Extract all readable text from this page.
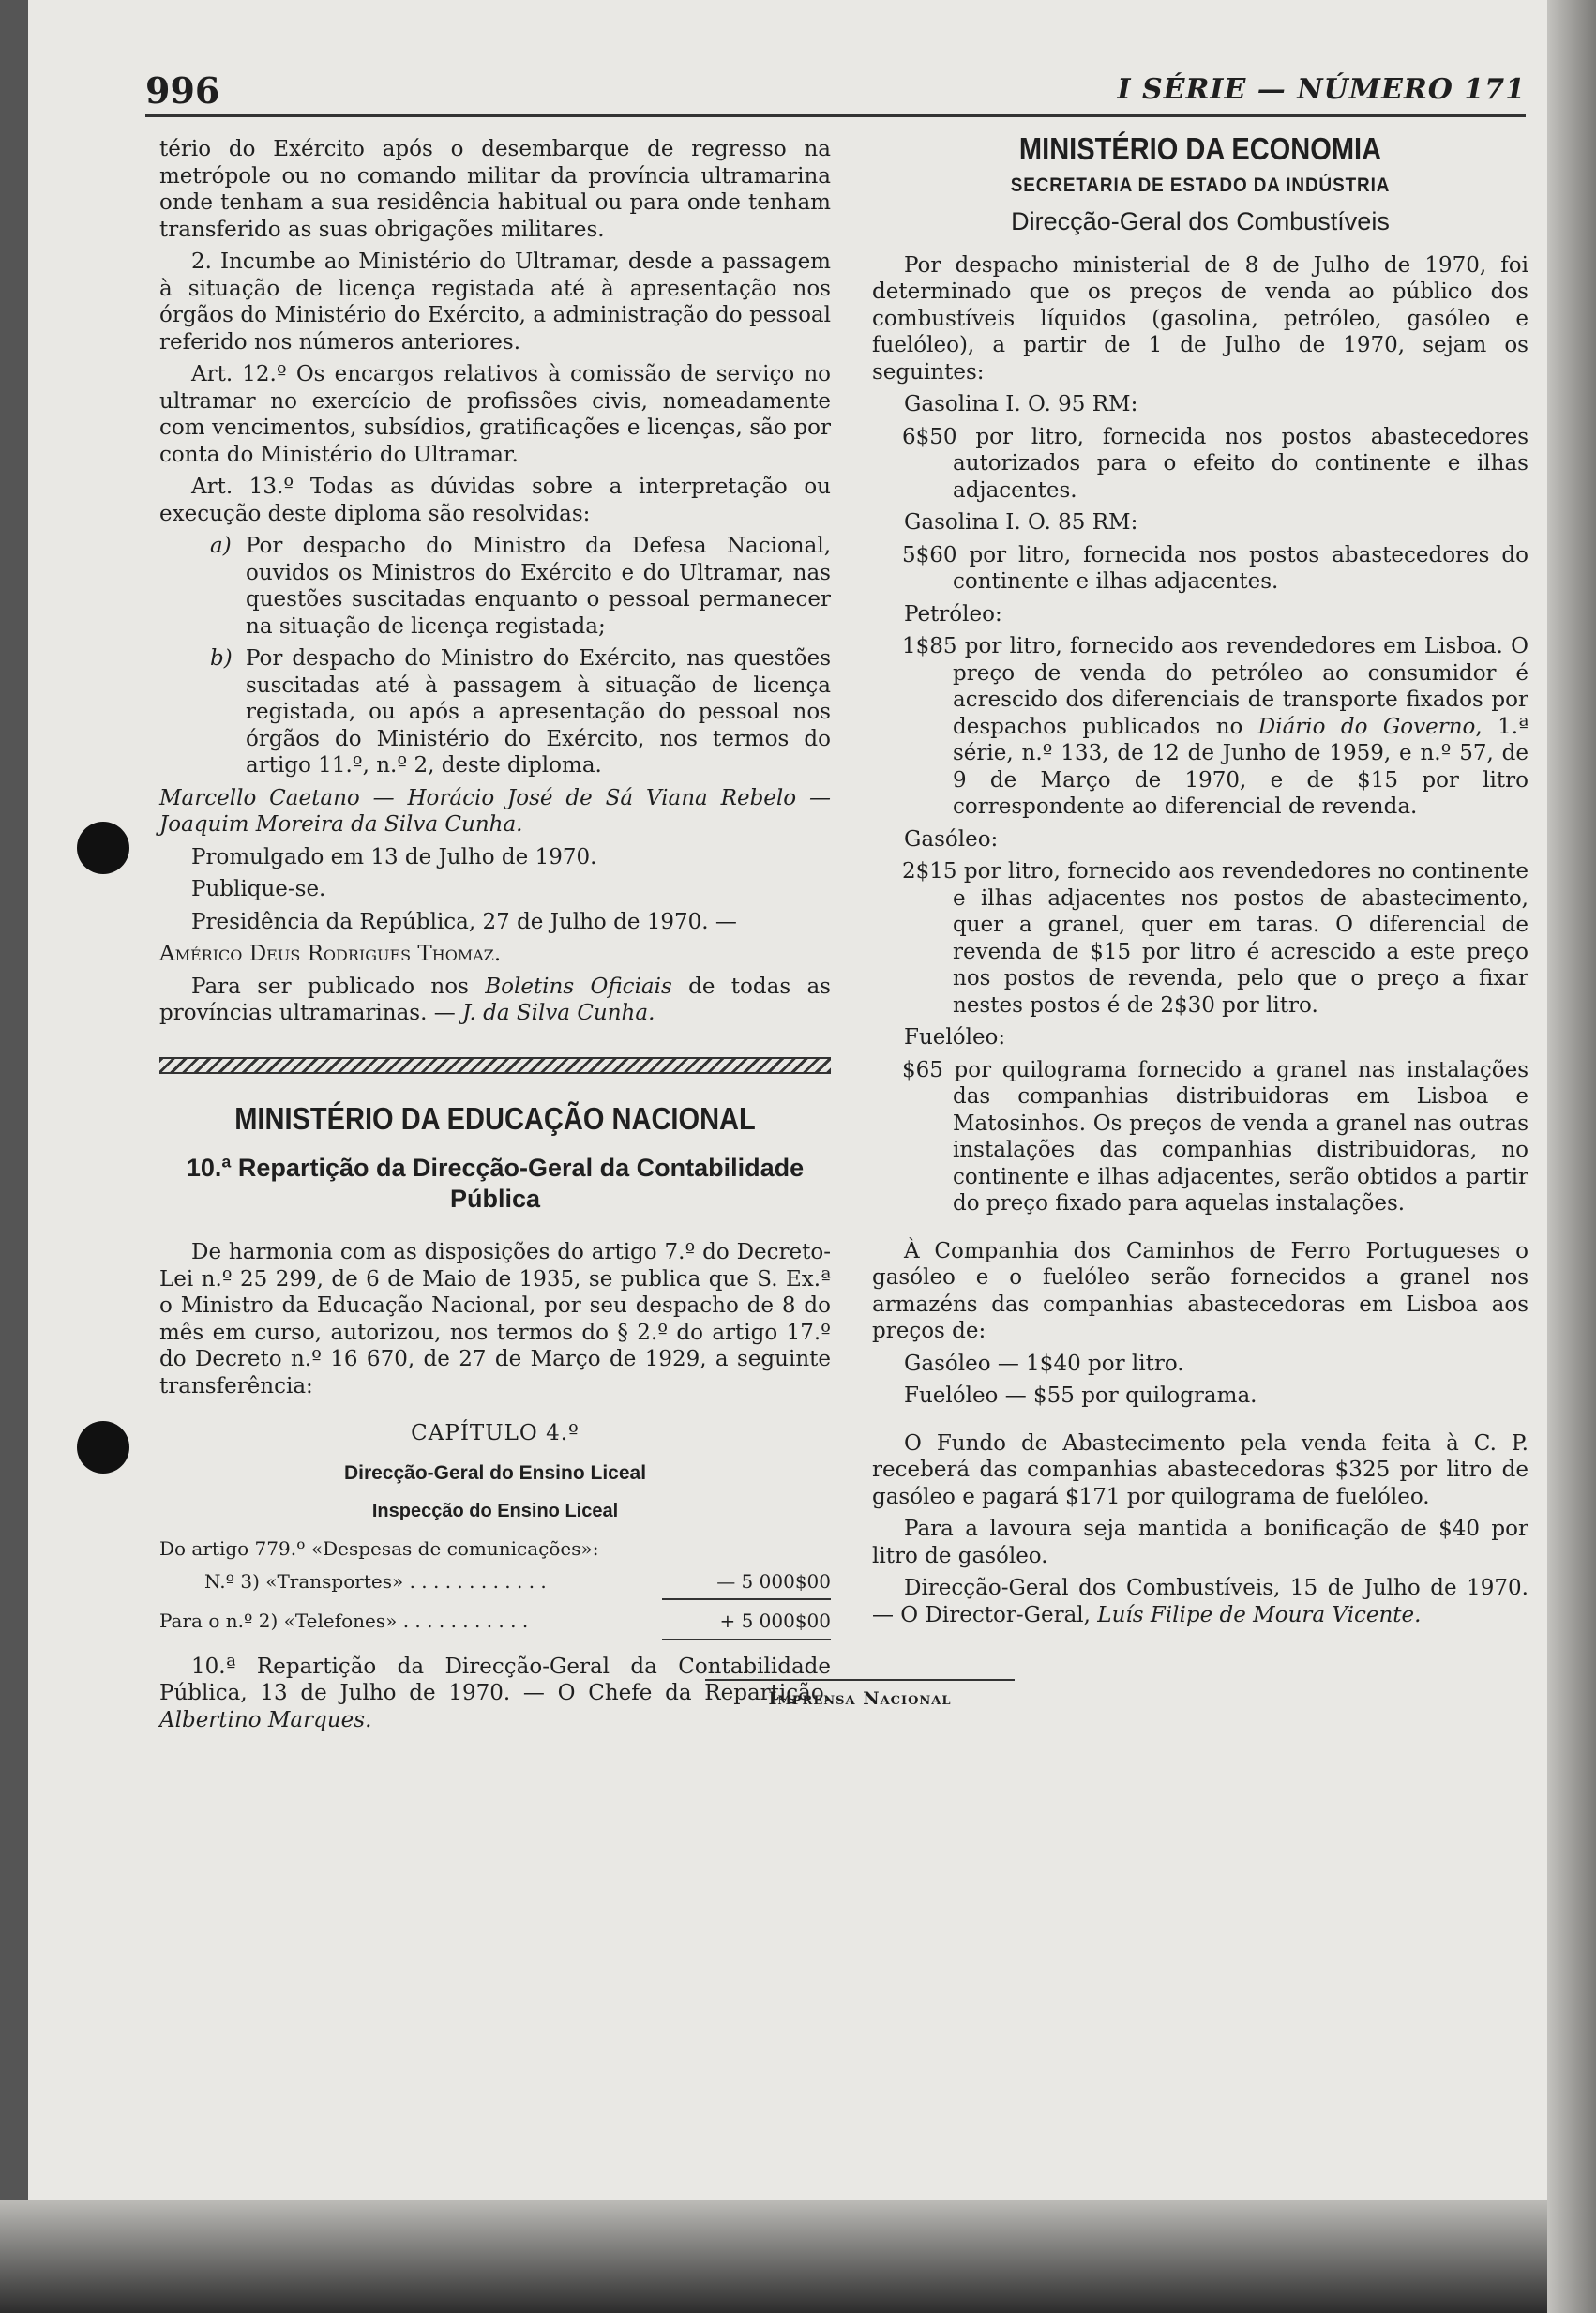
996	I SÉRIE — NÚMERO 171

tério do Exército após o desembarque de regresso na metrópole ou no comando militar da província ultramarina onde tenham a sua residência habitual ou para onde tenham transferido as suas obrigações militares.

2. Incumbe ao Ministério do Ultramar, desde a passagem à situação de licença registada até à apresentação nos órgãos do Ministério do Exército, a administração do pessoal referido nos números anteriores.

Art. 12.º Os encargos relativos à comissão de serviço no ultramar no exercício de profissões civis, nomeadamente com vencimentos, subsídios, gratificações e licenças, são por conta do Ministério do Ultramar.

Art. 13.º Todas as dúvidas sobre a interpretação ou execução deste diploma são resolvidas:

a) Por despacho do Ministro da Defesa Nacional, ouvidos os Ministros do Exército e do Ultramar, nas questões suscitadas enquanto o pessoal permanecer na situação de licença registada;
b) Por despacho do Ministro do Exército, nas questões suscitadas até à passagem à situação de licença registada, ou após a apresentação do pessoal nos órgãos do Ministério do Exército, nos termos do artigo 11.º, n.º 2, deste diploma.

Marcello Caetano — Horácio José de Sá Viana Rebelo — Joaquim Moreira da Silva Cunha.

Promulgado em 13 de Julho de 1970.

Publique-se.

Presidência da República, 27 de Julho de 1970. —

Américo Deus Rodrigues Thomaz.

Para ser publicado nos Boletins Oficiais de todas as províncias ultramarinas. — J. da Silva Cunha.

MINISTÉRIO DA EDUCAÇÃO NACIONAL
10.ª Repartição da Direcção-Geral da Contabilidade Pública

De harmonia com as disposições do artigo 7.º do Decreto-Lei n.º 25 299, de 6 de Maio de 1935, se publica que S. Ex.ª o Ministro da Educação Nacional, por seu despacho de 8 do mês em curso, autorizou, nos termos do § 2.º do artigo 17.º do Decreto n.º 16 670, de 27 de Março de 1929, a seguinte transferência:

CAPÍTULO 4.º
Direcção-Geral do Ensino Liceal
Inspecção do Ensino Liceal
Do artigo 779.º «Despesas de comunicações»:
N.º 3) «Transportes» . . . . . . . . . . . .	— 5 000$00
Para o n.º 2) «Telefones» . . . . . . . . . . .	+ 5 000$00

10.ª Repartição da Direcção-Geral da Contabilidade Pública, 13 de Julho de 1970. — O Chefe da Repartição, Albertino Marques.

MINISTÉRIO DA ECONOMIA
SECRETARIA DE ESTADO DA INDÚSTRIA
Direcção-Geral dos Combustíveis

Por despacho ministerial de 8 de Julho de 1970, foi determinado que os preços de venda ao público dos combustíveis líquidos (gasolina, petróleo, gasóleo e fuelóleo), a partir de 1 de Julho de 1970, sejam os seguintes:

Gasolina I. O. 95 RM:

6$50 por litro, fornecida nos postos abastecedores autorizados para o efeito do continente e ilhas adjacentes.

Gasolina I. O. 85 RM:

5$60 por litro, fornecida nos postos abastecedores do continente e ilhas adjacentes.

Petróleo:

1$85 por litro, fornecido aos revendedores em Lisboa. O preço de venda do petróleo ao consumidor é acrescido dos diferenciais de transporte fixados por despachos publicados no Diário do Governo, 1.ª série, n.º 133, de 12 de Junho de 1959, e n.º 57, de 9 de Março de 1970, e de $15 por litro correspondente ao diferencial de revenda.

Gasóleo:

2$15 por litro, fornecido aos revendedores no continente e ilhas adjacentes nos postos de abastecimento, quer a granel, quer em taras. O diferencial de revenda de $15 por litro é acrescido a este preço nos postos de revenda, pelo que o preço a fixar nestes postos é de 2$30 por litro.

Fuelóleo:

$65 por quilograma fornecido a granel nas instalações das companhias distribuidoras em Lisboa e Matosinhos. Os preços de venda a granel nas outras instalações das companhias distribuidoras, no continente e ilhas adjacentes, serão obtidos a partir do preço fixado para aquelas instalações.

À Companhia dos Caminhos de Ferro Portugueses o gasóleo e o fuelóleo serão fornecidos a granel nos armazéns das companhias abastecedoras em Lisboa aos preços de:

Gasóleo — 1$40 por litro.

Fuelóleo — $55 por quilograma.

O Fundo de Abastecimento pela venda feita à C. P. receberá das companhias abastecedoras $325 por litro de gasóleo e pagará $171 por quilograma de fuelóleo.

Para a lavoura seja mantida a bonificação de $40 por litro de gasóleo.

Direcção-Geral dos Combustíveis, 15 de Julho de 1970. — O Director-Geral, Luís Filipe de Moura Vicente.

Imprensa Nacional
